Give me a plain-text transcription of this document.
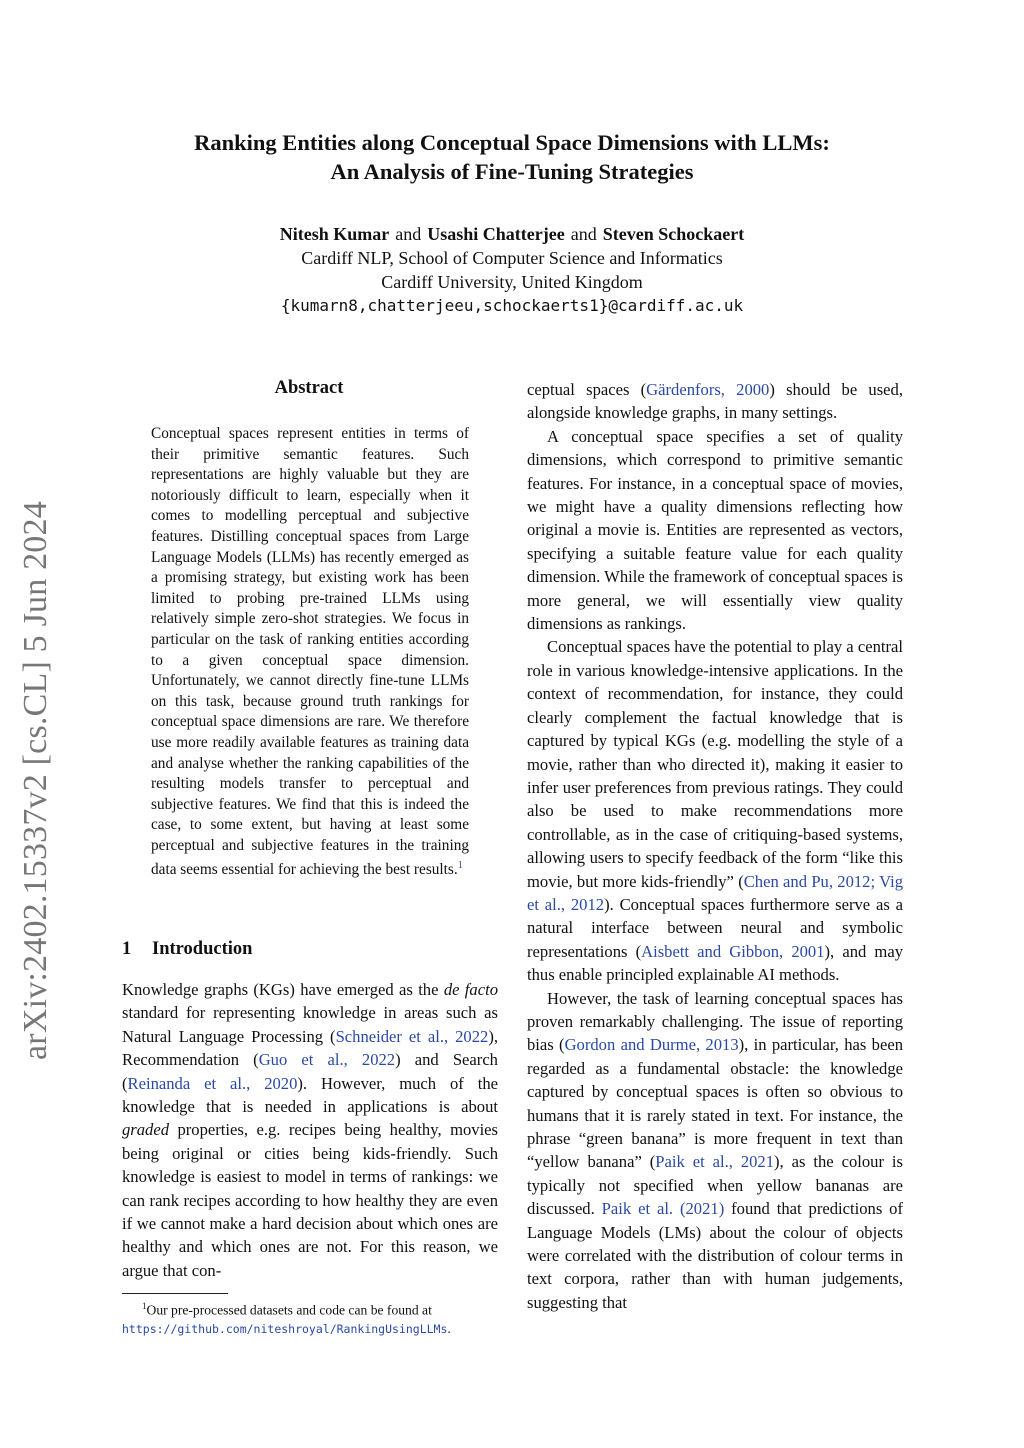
arXiv:2402.15337v2 [cs.CL] 5 Jun 2024
Ranking Entities along Conceptual Space Dimensions with LLMs:
An Analysis of Fine-Tuning Strategies
Nitesh Kumar and Usashi Chatterjee and Steven Schockaert
Cardiff NLP, School of Computer Science and Informatics
Cardiff University, United Kingdom
{kumarn8,chatterjeeu,schockaerts1}@cardiff.ac.uk
Abstract
Conceptual spaces represent entities in terms of their primitive semantic features. Such representations are highly valuable but they are notoriously difficult to learn, especially when it comes to modelling perceptual and subjective features. Distilling conceptual spaces from Large Language Models (LLMs) has recently emerged as a promising strategy, but existing work has been limited to probing pre-trained LLMs using relatively simple zero-shot strategies. We focus in particular on the task of ranking entities according to a given conceptual space dimension. Unfortunately, we cannot directly fine-tune LLMs on this task, because ground truth rankings for conceptual space dimensions are rare. We therefore use more readily available features as training data and analyse whether the ranking capabilities of the resulting models transfer to perceptual and subjective features. We find that this is indeed the case, to some extent, but having at least some perceptual and subjective features in the training data seems essential for achieving the best results.$^1$
1 Introduction

Knowledge graphs (KGs) have emerged as the de facto standard for representing knowledge in areas such as Natural Language Processing (Schneider et al., 2022), Recommendation (Guo et al., 2022) and Search (Reinanda et al., 2020). However, much of the knowledge that is needed in applications is about graded properties, e.g. recipes being healthy, movies being original or cities being kids-friendly. Such knowledge is easiest to model in terms of rankings: we can rank recipes according to how healthy they are even if we cannot make a hard decision about which ones are healthy and which ones are not. For this reason, we argue that con-

$^1$Our pre-processed datasets and code can be found at https://github.com/niteshroyal/RankingUsingLLMs.

ceptual spaces (Gärdenfors, 2000) should be used, alongside knowledge graphs, in many settings.

A conceptual space specifies a set of quality dimensions, which correspond to primitive semantic features. For instance, in a conceptual space of movies, we might have a quality dimensions reflecting how original a movie is. Entities are represented as vectors, specifying a suitable feature value for each quality dimension. While the framework of conceptual spaces is more general, we will essentially view quality dimensions as rankings.

Conceptual spaces have the potential to play a central role in various knowledge-intensive applications. In the context of recommendation, for instance, they could clearly complement the factual knowledge that is captured by typical KGs (e.g. modelling the style of a movie, rather than who directed it), making it easier to infer user preferences from previous ratings. They could also be used to make recommendations more controllable, as in the case of critiquing-based systems, allowing users to specify feedback of the form “like this movie, but more kids-friendly” (Chen and Pu, 2012; Vig et al., 2012). Conceptual spaces furthermore serve as a natural interface between neural and symbolic representations (Aisbett and Gibbon, 2001), and may thus enable principled explainable AI methods.

However, the task of learning conceptual spaces has proven remarkably challenging. The issue of reporting bias (Gordon and Durme, 2013), in particular, has been regarded as a fundamental obstacle: the knowledge captured by conceptual spaces is often so obvious to humans that it is rarely stated in text. For instance, the phrase “green banana” is more frequent in text than “yellow banana” (Paik et al., 2021), as the colour is typically not specified when yellow bananas are discussed. Paik et al. (2021) found that predictions of Language Models (LMs) about the colour of objects were correlated with the distribution of colour terms in text corpora, rather than with human judgements, suggesting that
